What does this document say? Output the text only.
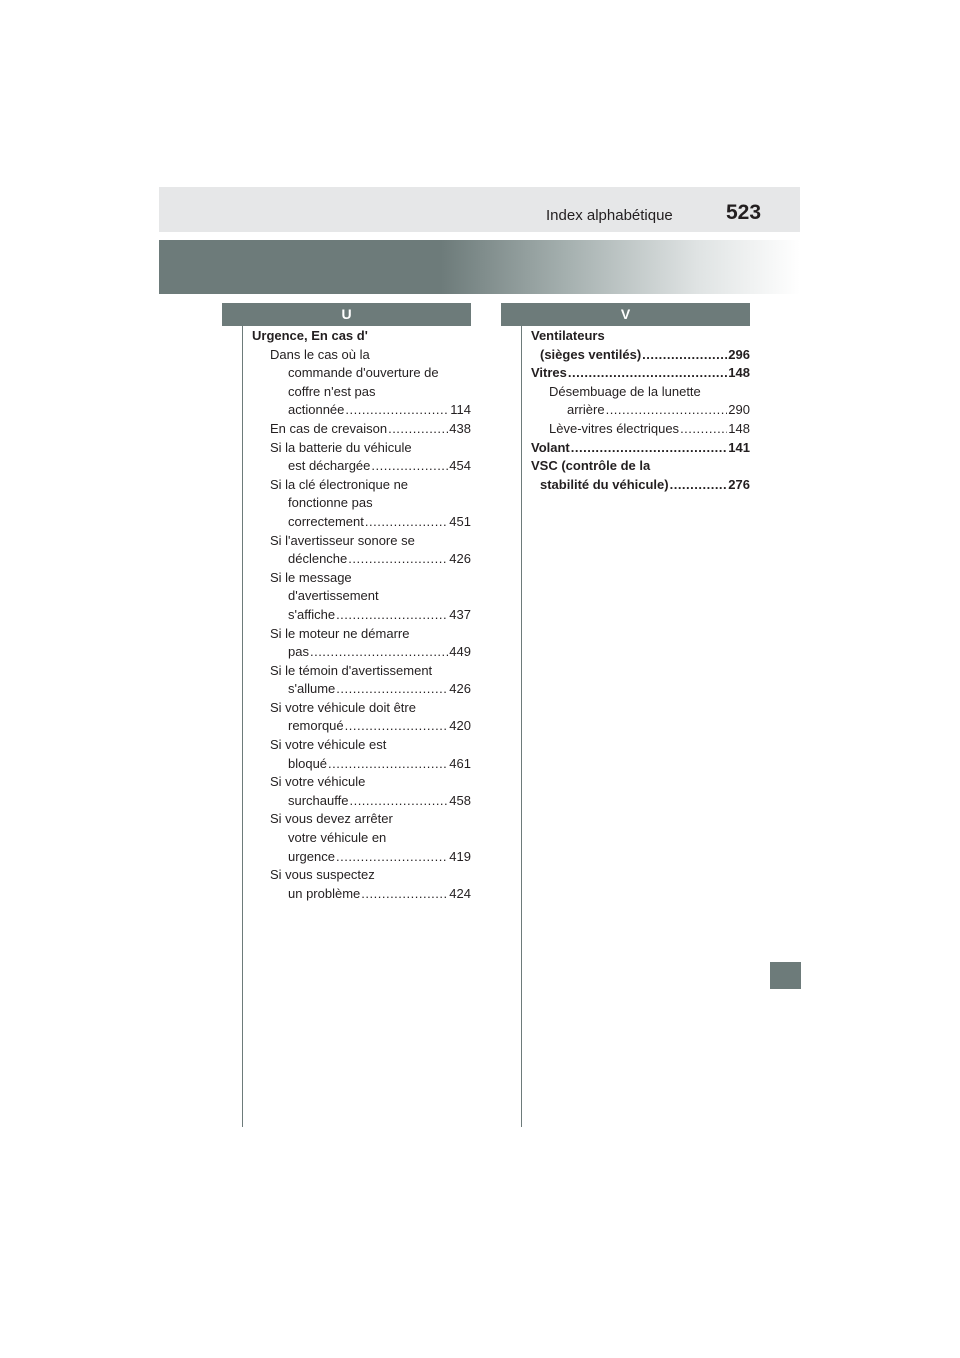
Index alphabétique	523
U	V
Urgence, En cas d'
Dans le cas où la
commande d'ouverture de
coffre n'est pas
actionnée .....	114
En cas de crevaison .....	438
Si la batterie du véhicule
est déchargée .....	454
Si la clé électronique ne
fonctionne pas
correctement .....	451
Si l'avertisseur sonore se
déclenche .....	426
Si le message
d'avertissement
s'affiche .....	437
Si le moteur ne démarre
pas .....	449
Si le témoin d'avertissement
s'allume .....	426
Si votre véhicule doit être
remorqué .....	420
Si votre véhicule est
bloqué .....	461
Si votre véhicule
surchauffe .....	458
Si vous devez arrêter
votre véhicule en
urgence .....	419
Si vous suspectez
un problème .....	424
Ventilateurs
(sièges ventilés) .....	296
Vitres .....	148
Désembuage de la lunette
arrière .....	290
Lève-vitres électriques .....	148
Volant .....	141
VSC (contrôle de la
stabilité du véhicule) .....	276
